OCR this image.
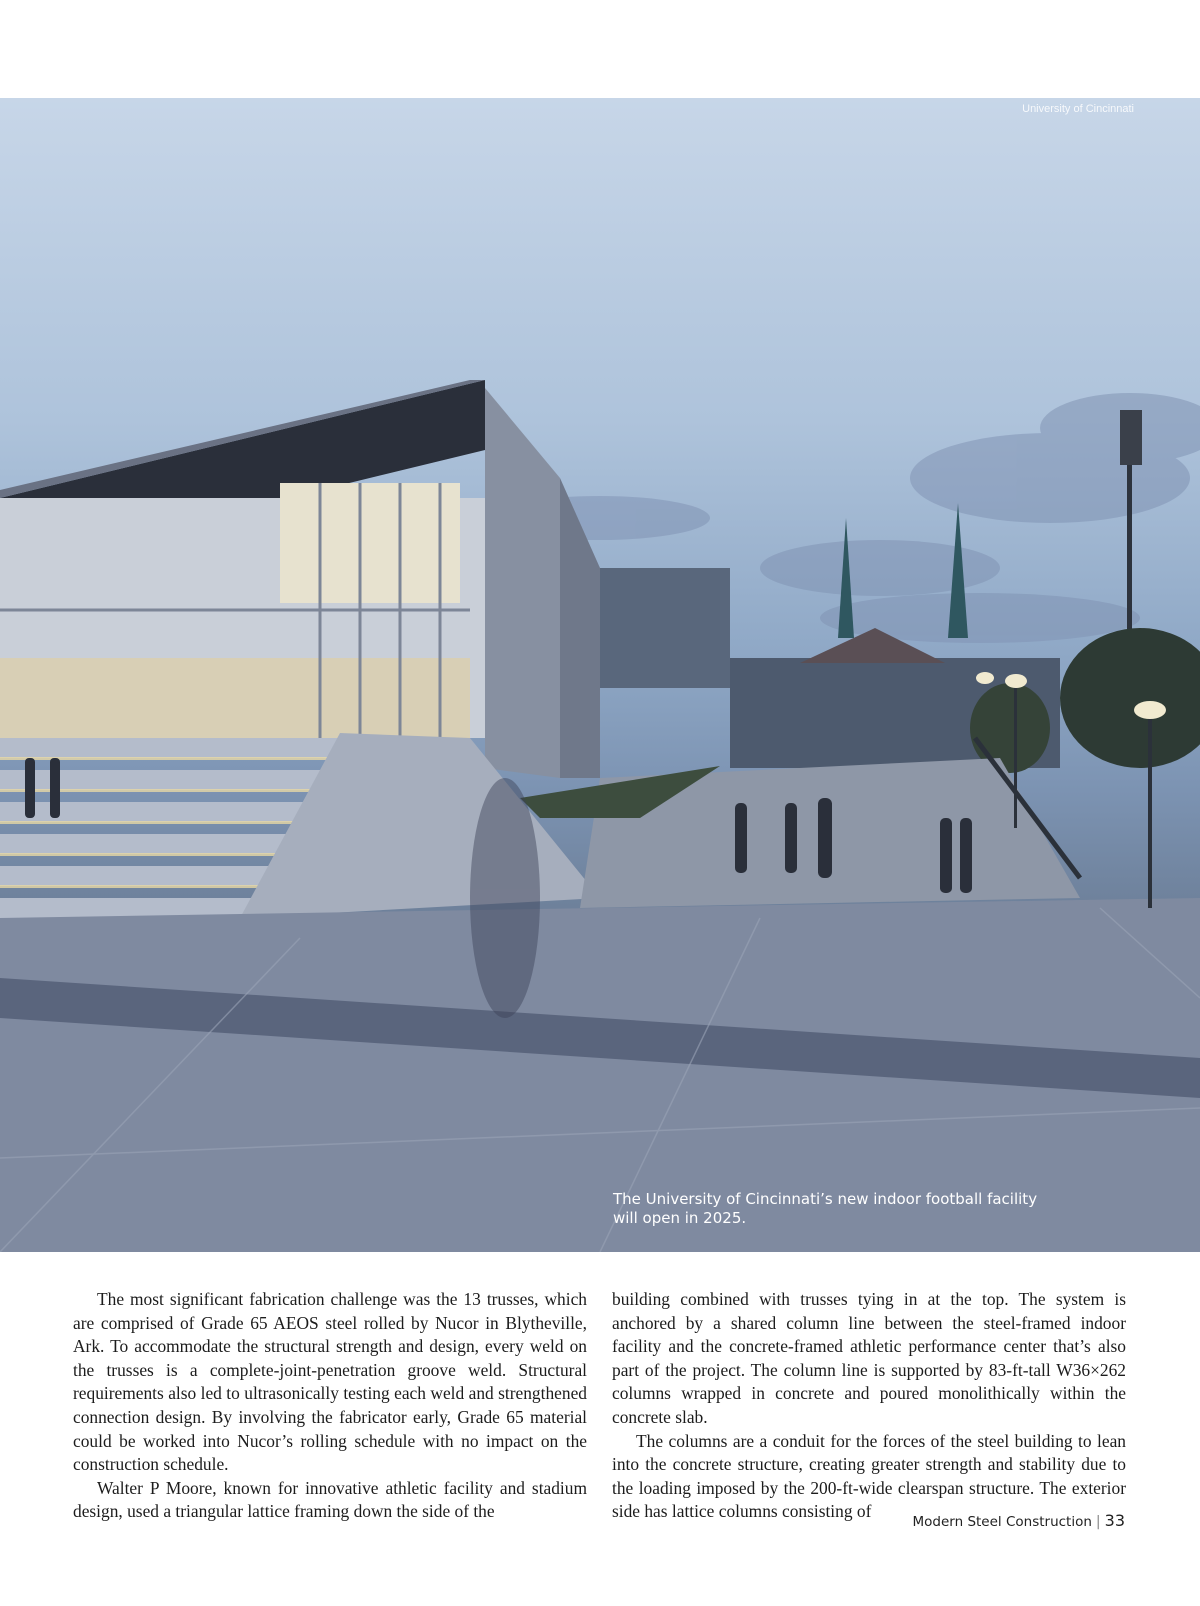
University of Cincinnati
The University of Cincinnati’s new indoor football facility will open in 2025.

The most significant fabrication challenge was the 13 trusses, which are comprised of Grade 65 AEOS steel rolled by Nucor in Blytheville, Ark. To accommodate the structural strength and design, every weld on the trusses is a complete-joint-penetration groove weld. Structural requirements also led to ultrasonically testing each weld and strengthened connection design. By involving the fabricator early, Grade 65 material could be worked into Nucor’s rolling schedule with no impact on the construction schedule.

Walter P Moore, known for innovative athletic facility and stadium design, used a triangular lattice framing down the side of the

building combined with trusses tying in at the top. The system is anchored by a shared column line between the steel-framed indoor facility and the concrete-framed athletic performance center that’s also part of the project. The column line is supported by 83-ft-tall W36×262 columns wrapped in concrete and poured monolithically within the concrete slab.

The columns are a conduit for the forces of the steel building to lean into the concrete structure, creating greater strength and stability due to the loading imposed by the 200-ft-wide clearspan structure. The exterior side has lattice columns consisting of

Modern Steel Construction | 33
